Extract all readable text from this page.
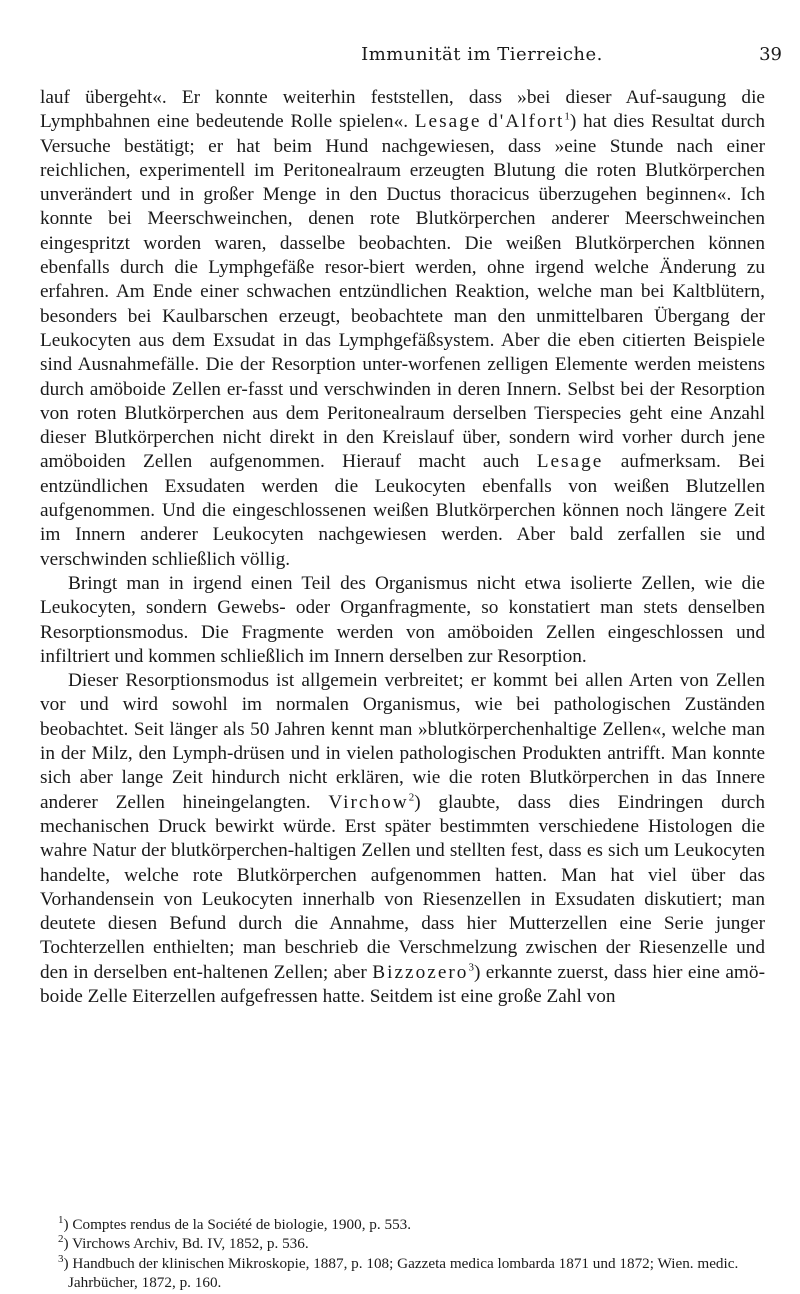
Immunität im Tierreiche.	39

lauf übergeht«. Er konnte weiterhin feststellen, dass »bei dieser Auf-saugung die Lymphbahnen eine bedeutende Rolle spielen«. Lesage d'Alfort$^1$) hat dies Resultat durch Versuche bestätigt; er hat beim Hund nachgewiesen, dass »eine Stunde nach einer reichlichen, experimentell im Peritonealraum erzeugten Blutung die roten Blutkörperchen unverändert und in großer Menge in den Ductus thoracicus überzugehen beginnen«. Ich konnte bei Meerschweinchen, denen rote Blutkörperchen anderer Meerschweinchen eingespritzt worden waren, dasselbe beobachten. Die weißen Blutkörperchen können ebenfalls durch die Lymphgefäße resor-biert werden, ohne irgend welche Änderung zu erfahren. Am Ende einer schwachen entzündlichen Reaktion, welche man bei Kaltblütern, besonders bei Kaulbarschen erzeugt, beobachtete man den unmittelbaren Übergang der Leukocyten aus dem Exsudat in das Lymphgefäßsystem. Aber die eben citierten Beispiele sind Ausnahmefälle. Die der Resorption unter-worfenen zelligen Elemente werden meistens durch amöboide Zellen er-fasst und verschwinden in deren Innern. Selbst bei der Resorption von roten Blutkörperchen aus dem Peritonealraum derselben Tierspecies geht eine Anzahl dieser Blutkörperchen nicht direkt in den Kreislauf über, sondern wird vorher durch jene amöboiden Zellen aufgenommen. Hierauf macht auch Lesage aufmerksam. Bei entzündlichen Exsudaten werden die Leukocyten ebenfalls von weißen Blutzellen aufgenommen. Und die eingeschlossenen weißen Blutkörperchen können noch längere Zeit im Innern anderer Leukocyten nachgewiesen werden. Aber bald zerfallen sie und verschwinden schließlich völlig.

Bringt man in irgend einen Teil des Organismus nicht etwa isolierte Zellen, wie die Leukocyten, sondern Gewebs- oder Organfragmente, so konstatiert man stets denselben Resorptionsmodus. Die Fragmente werden von amöboiden Zellen eingeschlossen und infiltriert und kommen schließlich im Innern derselben zur Resorption.

Dieser Resorptionsmodus ist allgemein verbreitet; er kommt bei allen Arten von Zellen vor und wird sowohl im normalen Organismus, wie bei pathologischen Zuständen beobachtet. Seit länger als 50 Jahren kennt man »blutkörperchenhaltige Zellen«, welche man in der Milz, den Lymph-drüsen und in vielen pathologischen Produkten antrifft. Man konnte sich aber lange Zeit hindurch nicht erklären, wie die roten Blutkörperchen in das Innere anderer Zellen hineingelangten. Virchow$^2$) glaubte, dass dies Eindringen durch mechanischen Druck bewirkt würde. Erst später bestimmten verschiedene Histologen die wahre Natur der blutkörperchen-haltigen Zellen und stellten fest, dass es sich um Leukocyten handelte, welche rote Blutkörperchen aufgenommen hatten. Man hat viel über das Vorhandensein von Leukocyten innerhalb von Riesenzellen in Exsudaten diskutiert; man deutete diesen Befund durch die Annahme, dass hier Mutterzellen eine Serie junger Tochterzellen enthielten; man beschrieb die Verschmelzung zwischen der Riesenzelle und den in derselben ent-haltenen Zellen; aber Bizzozero$^3$) erkannte zuerst, dass hier eine amö-boide Zelle Eiterzellen aufgefressen hatte. Seitdem ist eine große Zahl von

$^1$) Comptes rendus de la Société de biologie, 1900, p. 553.

$^2$) Virchows Archiv, Bd. IV, 1852, p. 536.

$^3$) Handbuch der klinischen Mikroskopie, 1887, p. 108; Gazzeta medica lombarda 1871 und 1872; Wien. medic. Jahrbücher, 1872, p. 160.
